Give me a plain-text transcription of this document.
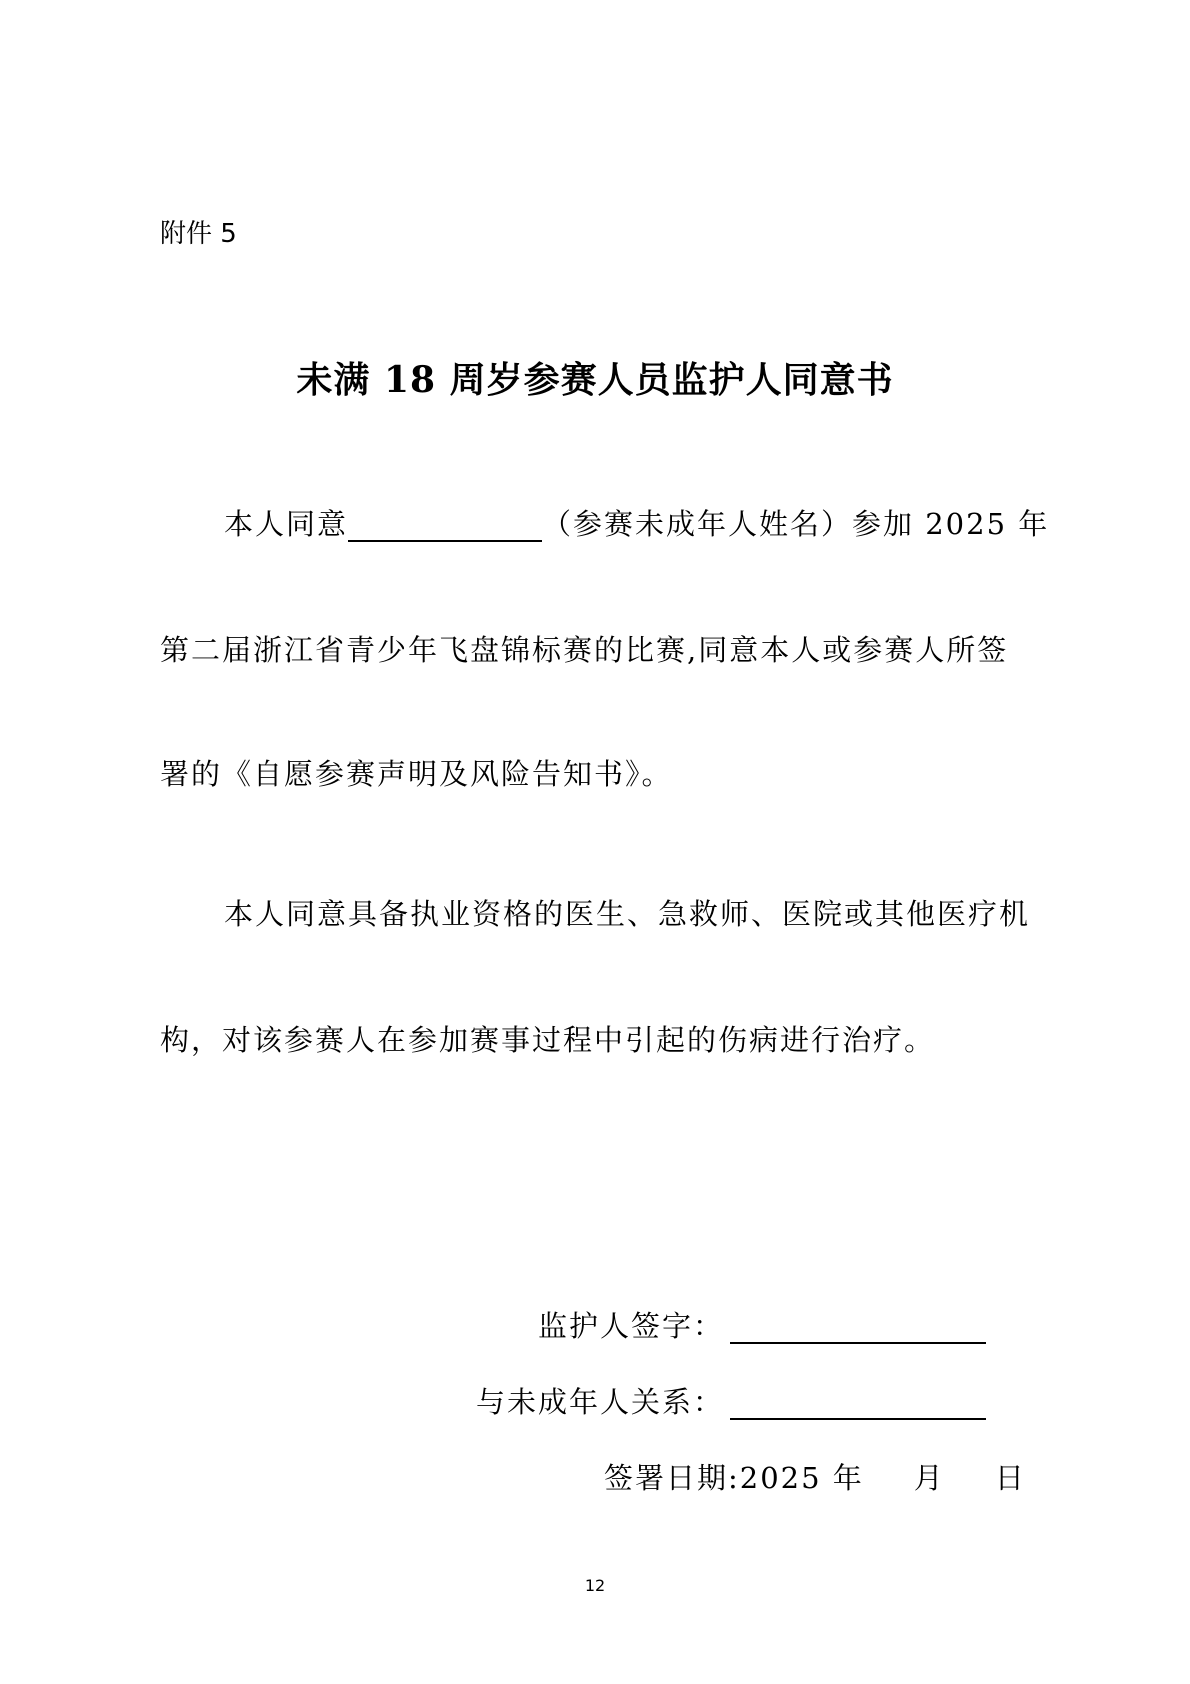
附件 5
未满 18 周岁参赛人员监护人同意书
本人同意	（参赛未成年人姓名）参加 2025 年
第二届浙江省青少年飞盘锦标赛的比赛,同意本人或参赛人所签
署的《自愿参赛声明及风险告知书》。
本人同意具备执业资格的医生、急救师、医院或其他医疗机
构，对该参赛人在参加赛事过程中引起的伤病进行治疗。
监护人签字：
与未成年人关系：
签署日期:2025 年 月 日
12
